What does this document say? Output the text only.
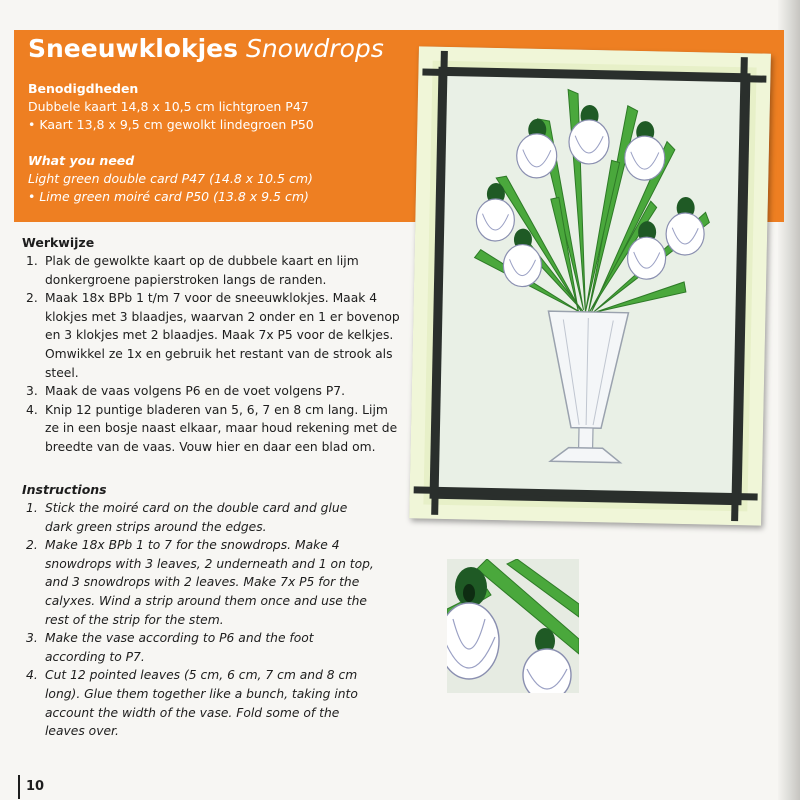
Sneeuwklokjes Snowdrops
Benodigdheden
Dubbele kaart 14,8 x 10,5 cm lichtgroen P47
• Kaart 13,8 x 9,5 cm gewolkt lindegroen P50
What you need
Light green double card P47 (14.8 x 10.5 cm)
• Lime green moiré card P50 (13.8 x 9.5 cm)
Werkwijze
1. Plak de gewolkte kaart op de dubbele kaart en lijm donkergroene papierstroken langs de randen.
2. Maak 18x BPb 1 t/m 7 voor de sneeuwklokjes. Maak 4 klokjes met 3 blaadjes, waarvan 2 onder en 1 er bovenop en 3 klokjes met 2 blaadjes. Maak 7x P5 voor de kelkjes. Omwikkel ze 1x en gebruik het restant van de strook als steel.
3. Maak de vaas volgens P6 en de voet volgens P7.
4. Knip 12 puntige bladeren van 5, 6, 7 en 8 cm lang. Lijm ze in een bosje naast elkaar, maar houd rekening met de breedte van de vaas. Vouw hier en daar een blad om.
Instructions
1. Stick the moiré card on the double card and glue dark green strips around the edges.
2. Make 18x BPb 1 to 7 for the snowdrops. Make 4 snowdrops with 3 leaves, 2 underneath and 1 on top, and 3 snowdrops with 2 leaves. Make 7x P5 for the calyxes. Wind a strip around them once and use the rest of the strip for the stem.
3. Make the vase according to P6 and the foot according to P7.
4. Cut 12 pointed leaves (5 cm, 6 cm, 7 cm and 8 cm long). Glue them together like a bunch, taking into account the width of the vase. Fold some of the leaves over.
10
